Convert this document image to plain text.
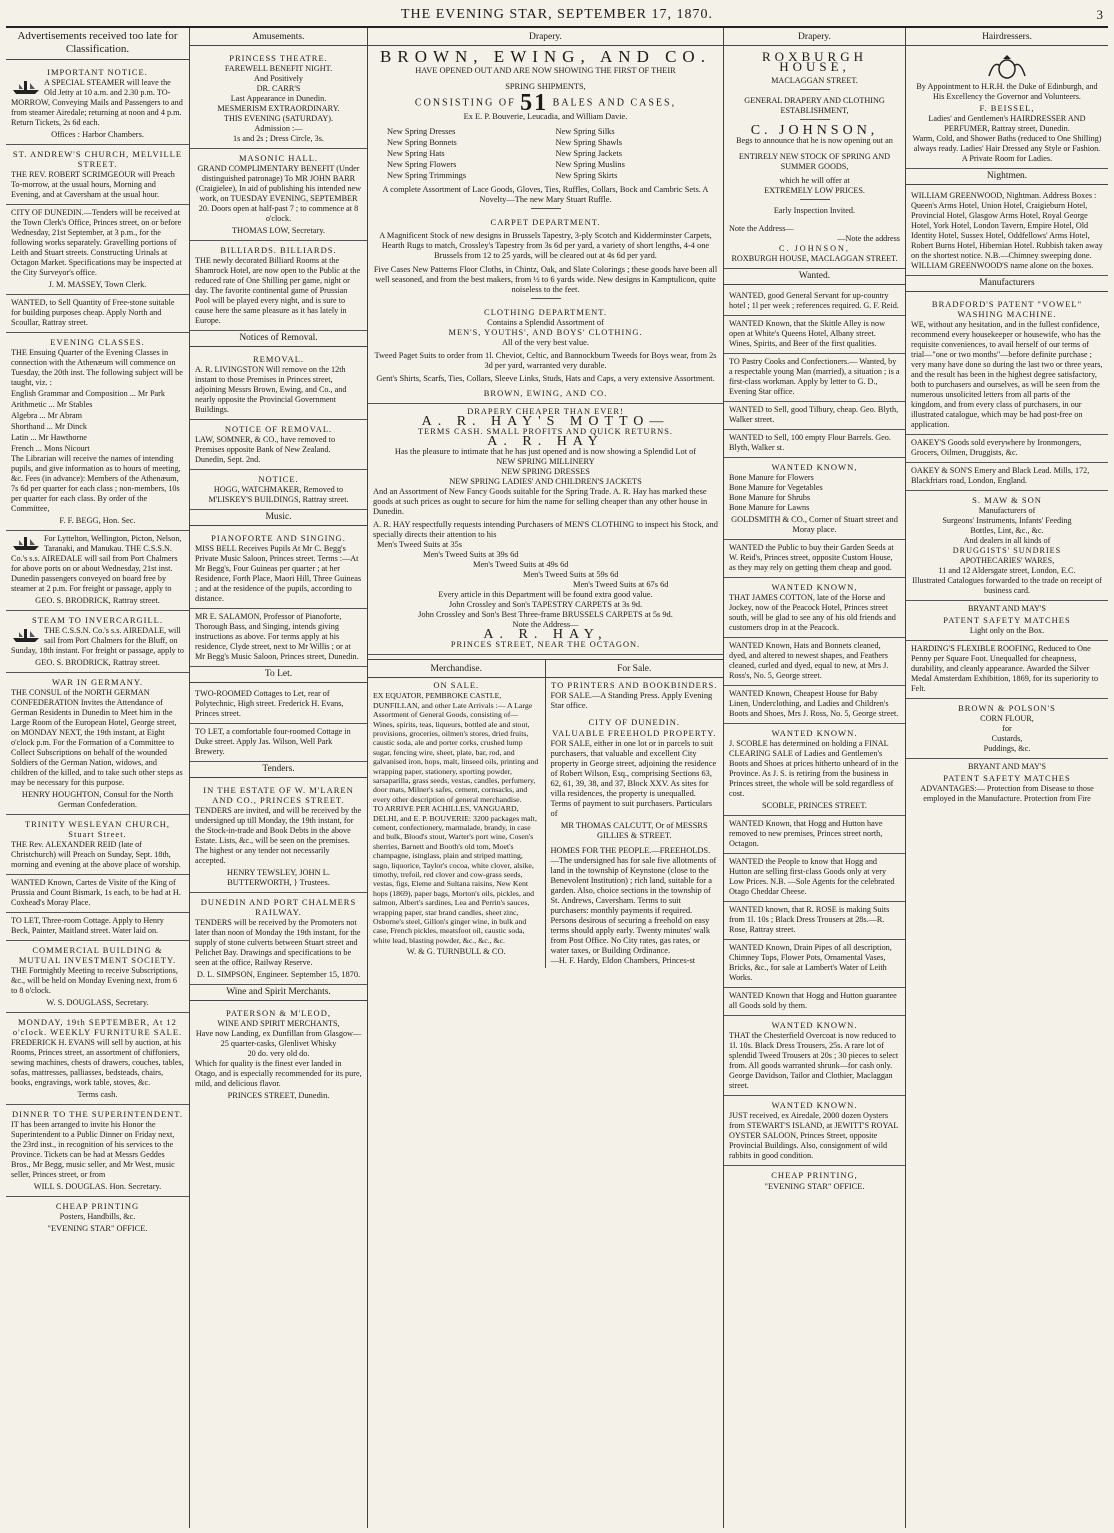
THE EVENING STAR, SEPTEMBER 17, 1870.	3
Advertisements received too late for Classification.
IMPORTANT NOTICE.
A SPECIAL STEAMER will leave the Old Jetty at 10 a.m. and 2.30 p.m. TO-MORROW, Conveying Mails and Passengers to and from steamer Airedale; returning at noon and 4 p.m. Return Tickets, 2s 6d each.
Offices : Harbor Chambers.
ST. ANDREW'S CHURCH, MELVILLE STREET.
THE REV. ROBERT SCRIMGEOUR will Preach To-morrow, at the usual hours, Morning and Evening, and at Caversham at the usual hour.
CITY OF DUNEDIN.—Tenders will be received at the Town Clerk's Office, Princes street, on or before Wednesday, 21st September, at 3 p.m., for the following works separately. Gravelling portions of Leith and Stuart streets. Constructing Urinals at Octagon Market. Specifications may be inspected at the City Surveyor's office.
J. M. MASSEY, Town Clerk.
WANTED, to Sell Quantity of Free-stone suitable for building purposes cheap. Apply North and Scoullar, Rattray street.
EVENING CLASSES.
THE Ensuing Quarter of the Evening Classes in connection with the Athenæum will commence on Tuesday, the 20th inst. The following subject will be taught, viz. :
English Grammar and Composition ... Mr Park
Arithmetic ... Mr Stables
Algebra ... Mr Abram
Shorthand ... Mr Dinck
Latin ... Mr Hawthorne
French ... Mons Nicourt
The Librarian will receive the names of intending pupils, and give information as to hours of meeting, &c. Fees (in advance): Members of the Athenæum, 7s 6d per quarter for each class ; non-members, 10s per quarter for each class. By order of the Committee,
F. F. BEGG, Hon. Sec.
For Lyttelton, Wellington, Picton, Nelson, Taranaki, and Manukau. THE C.S.S.N. Co.'s s.s. AIREDALE will sail from Port Chalmers for above ports on or about Wednesday, 21st inst. Dunedin passengers conveyed on board free by steamer at 2 p.m. For freight or passage, apply to
GEO. S. BRODRICK, Rattray street.
STEAM TO INVERCARGILL.
THE C.S.S.N. Co.'s s.s. AIREDALE, will sail from Port Chalmers for the Bluff, on Sunday, 18th instant. For freight or passage, apply to
GEO. S. BRODRICK, Rattray street.
WAR IN GERMANY.
THE CONSUL of the NORTH GERMAN CONFEDERATION Invites the Attendance of German Residents in Dunedin to Meet him in the Large Room of the European Hotel, George street, on MONDAY NEXT, the 19th instant, at Eight o'clock p.m. For the Formation of a Committee to Collect Subscriptions on behalf of the wounded Soldiers of the German Nation, widows, and children of the killed, and to take such other steps as may be necessary for this purpose.
HENRY HOUGHTON, Consul for the North German Confederation.
TRINITY WESLEYAN CHURCH, Stuart Street.
THE Rev. ALEXANDER REID (late of Christchurch) will Preach on Sunday, Sept. 18th, morning and evening at the above place of worship.
WANTED Known, Cartes de Visite of the King of Prussia and Count Bismark, 1s each, to be had at H. Coxhead's Moray Place.
TO LET, Three-room Cottage. Apply to Henry Beck, Painter, Maitland street. Water laid on.
COMMERCIAL BUILDING & MUTUAL INVESTMENT SOCIETY.
THE Fortnightly Meeting to receive Subscriptions, &c., will be held on Monday Evening next, from 6 to 8 o'clock.
W. S. DOUGLASS, Secretary.
MONDAY, 19th SEPTEMBER, At 12 o'clock. WEEKLY FURNITURE SALE.
FREDERICK H. EVANS will sell by auction, at his Rooms, Princes street, an assortment of chiffoniers, sewing machines, chests of drawers, couches, tables, sofas, mattresses, palliasses, bedsteads, chairs, books, engravings, work table, stoves, &c.
Terms cash.
DINNER TO THE SUPERINTENDENT.
IT has been arranged to invite his Honor the Superintendent to a Public Dinner on Friday next, the 23rd inst., in recognition of his services to the Province. Tickets can be had at Messrs Geddes Bros., Mr Begg, music seller, and Mr West, music seller, Princes street, or from
WILL S. DOUGLAS. Hon. Secretary.
CHEAP PRINTING
Posters, Handbills, &c.
"EVENING STAR" OFFICE.
Amusements.
PRINCESS THEATRE.
FAREWELL BENEFIT NIGHT.
And Positively
DR. CARR'S
Last Appearance in Dunedin.
MESMERISM EXTRAORDINARY.
THIS EVENING (SATURDAY).
Admission :—
1s and 2s ; Dress Circle, 3s.
MASONIC HALL.
GRAND COMPLIMENTARY BENEFIT (Under distinguished patronage) To MR JOHN BARR (Craigielee), In aid of publishing his intended new work, on TUESDAY EVENING, SEPTEMBER 20. Doors open at half-past 7 ; to commence at 8 o'clock.
THOMAS LOW, Secretary.
BILLIARDS. BILLIARDS.
THE newly decorated Billiard Rooms at the Shamrock Hotel, are now open to the Public at the reduced rate of One Shilling per game, night or day. The favorite continental game of Prussian Pool will be played every night, and is sure to cause here the same pleasure as it has lately in Europe.
Notices of Removal.
REMOVAL.
A. R. LIVINGSTON Will remove on the 12th instant to those Premises in Princes street, adjoining Messrs Brown, Ewing, and Co., and nearly opposite the Provincial Government Buildings.
NOTICE OF REMOVAL.
LAW, SOMNER, & CO., have removed to Premises opposite Bank of New Zealand. Dunedin, Sept. 2nd.
NOTICE.
HOGG, WATCHMAKER, Removed to M'LISKEY'S BUILDINGS, Rattray street.
Music.
PIANOFORTE AND SINGING.
MISS BELL Receives Pupils At Mr C. Begg's Private Music Saloon, Princes street. Terms :—At Mr Begg's, Four Guineas per quarter ; at her Residence, Forth Place, Maori Hill, Three Guineas ; and at the residence of the pupils, according to distance.
MR E. SALAMON, Professor of Pianoforte, Thorough Bass, and Singing, intends giving instructions as above. For terms apply at his residence, Clyde street, next to Mr Willis ; or at Mr Begg's Music Saloon, Princes street, Dunedin.
To Let.
TWO-ROOMED Cottages to Let, rear of Polytechnic, High street. Frederick H. Evans, Princes street.
TO LET, a comfortable four-roomed Cottage in Duke street. Apply Jas. Wilson, Well Park Brewery.
Tenders.
IN THE ESTATE OF W. M'LAREN AND CO., PRINCES STREET.
TENDERS are invited, and will be received by the undersigned up till Monday, the 19th instant, for the Stock-in-trade and Book Debts in the above Estate. Lists, &c., will be seen on the premises. The highest or any tender not necessarily accepted.
HENRY TEWSLEY, JOHN L. BUTTERWORTH, } Trustees.
DUNEDIN AND PORT CHALMERS RAILWAY.
TENDERS will be received by the Promoters not later than noon of Monday the 19th instant, for the supply of stone culverts between Stuart street and Pelichet Bay. Drawings and specifications to be seen at the office, Railway Reserve.
D. L. SIMPSON, Engineer. September 15, 1870.
Wine and Spirit Merchants.
PATERSON & M'LEOD,
WINE AND SPIRIT MERCHANTS,
Have now Landing, ex Dunfillan from Glasgow—
25 quarter-casks, Glenlivet Whisky
20 do. very old do.
Which for quality is the finest ever landed in Otago, and is especially recommended for its pure, mild, and delicious flavor.
PRINCES STREET, Dunedin.
Drapery.
BROWN, EWING, AND CO.
HAVE OPENED OUT AND ARE NOW SHOWING THE FIRST OF THEIR
SPRING SHIPMENTS,
CONSISTING OF 51 BALES AND CASES,
Ex E. P. Bouverie, Leucadia, and William Davie.
New Spring Dresses
New Spring Bonnets
New Spring Hats
New Spring Flowers
New Spring Trimmings
New Spring Silks
New Spring Shawls
New Spring Jackets
New Spring Muslins
New Spring Skirts
A complete Assortment of Lace Goods, Gloves, Ties, Ruffles, Collars, Bock and Cambric Sets. A Novelty—The new Mary Stuart Ruffle.
CARPET DEPARTMENT.
A Magnificent Stock of new designs in Brussels Tapestry, 3-ply Scotch and Kidderminster Carpets, Hearth Rugs to match, Crossley's Tapestry from 3s 6d per yard, a variety of short lengths, 4-4 one Brussels from 12 to 25 yards, will be cleared out at 4s 6d per yard.
Five Cases New Patterns Floor Cloths, in Chintz, Oak, and Slate Colorings ; these goods have been all well seasoned, and from the best makers, from ½ to 6 yards wide. New designs in Kamptulicon, quite noiseless to the feet.
CLOTHING DEPARTMENT.
Contains a Splendid Assortment of
MEN'S, YOUTHS', AND BOYS' CLOTHING.
All of the very best value.
Tweed Paget Suits to order from 1l. Cheviot, Celtic, and Bannockburn Tweeds for Boys wear, from 2s 3d per yard, warranted very durable.
Gent's Shirts, Scarfs, Ties, Collars, Sleeve Links, Studs, Hats and Caps, a very extensive Assortment.
BROWN, EWING, AND CO.
DRAPERY CHEAPER THAN EVER!
A. R. HAY'S MOTTO—
TERMS CASH. SMALL PROFITS AND QUICK RETURNS.
A. R. HAY
Has the pleasure to intimate that he has just opened and is now showing a Splendid Lot of
NEW SPRING MILLINERY
NEW SPRING DRESSES
NEW SPRING LADIES' AND CHILDREN'S JACKETS
And an Assortment of New Fancy Goods suitable for the Spring Trade. A. R. Hay has marked these goods at such prices as ought to secure for him the name for selling cheaper than any other house in Dunedin.
A. R. HAY respectfully requests intending Purchasers of MEN'S CLOTHING to inspect his Stock, and specially directs their attention to his
Men's Tweed Suits at 35s
Men's Tweed Suits at 39s 6d
Men's Tweed Suits at 49s 6d
Men's Tweed Suits at 59s 6d
Men's Tweed Suits at 67s 6d
Every article in this Department will be found extra good value.
John Crossley and Son's TAPESTRY CARPETS at 3s 9d.
John Crossley and Son's Best Three-frame BRUSSELS CARPETS at 5s 9d.
Note the Address—
A. R. HAY,
PRINCES STREET, NEAR THE OCTAGON.
Merchandise.
ON SALE.
EX EQUATOR, PEMBROKE CASTLE, DUNFILLAN, and other Late Arrivals :— A Large Assortment of General Goods, consisting of— Wines, spirits, teas, liqueurs, bottled ale and stout, provisions, groceries, oilmen's stores, dried fruits, caustic soda, ale and porter corks, crushed lump sugar, fencing wire, sheet, plate, bar, rod, and galvanised iron, hops, malt, linseed oils, printing and wrapping paper, stationery, sporting powder, sarsaparilla, grass seeds, vestas, candles, perfumery, door mats, Milner's safes, cement, cornsacks, and every other description of general merchandise.
TO ARRIVE PER ACHILLES, VANGUARD, DELHI, and E. P. BOUVERIE: 3200 packages malt, cement, confectionery, marmalade, brandy, in case and bulk, Blood's stout, Warter's port wine, Cosen's sherries, Barnett and Booth's old tom, Moet's champagne, isinglass, plain and striped matting, sago, liquorice, Taylor's cocoa, white clover, alsike, timothy, trefoil, red clover and cow-grass seeds, vestas, figs, Eleme and Sultana raisins, New Kent hops (1869), paper bags, Morton's oils, pickles, and salmon, Albert's sardines, Lea and Perrin's sauces, wrapping paper, star brand candles, sheet zinc, Osborne's steel, Gillon's ginger wine, in bulk and case, French pickles, meatsfoot oil, caustic soda, white lead, blasting powder, &c., &c., &c.
W. & G. TURNBULL & CO.
For Sale.
TO PRINTERS AND BOOKBINDERS.
FOR SALE.—A Standing Press. Apply Evening Star office.
CITY OF DUNEDIN.
VALUABLE FREEHOLD PROPERTY.
FOR SALE, either in one lot or in parcels to suit purchasers, that valuable and excellent City property in George street, adjoining the residence of Robert Wilson, Esq., comprising Sections 63, 62, 61, 39, 38, and 37, Block XXV. As sites for villa residences, the property is unequalled. Terms of payment to suit purchasers. Particulars of
MR THOMAS CALCUTT, Or of MESSRS GILLIES & STREET.
HOMES FOR THE PEOPLE.—FREEHOLDS.—The undersigned has for sale five allotments of land in the township of Keynstone (close to the Benevolent Institution) ; rich land, suitable for a garden. Also, choice sections in the township of St. Andrews, Caversham. Terms to suit purchasers: monthly payments if required. Persons desirous of securing a freehold on easy terms should apply early. Twenty minutes' walk from Post Office. No City rates, gas rates, or water taxes, or Building Ordinance.
—H. F. Hardy, Eldon Chambers, Princes-st
Drapery.
ROXBURGH HOUSE,
MACLAGGAN STREET.
GENERAL DRAPERY AND CLOTHING ESTABLISHMENT,
C. JOHNSON,
Begs to announce that he is now opening out an
ENTIRELY NEW STOCK OF SPRING AND SUMMER GOODS,
which he will offer at
EXTREMELY LOW PRICES.
Early Inspection Invited.
Note the Address—
—Note the address
C. JOHNSON,
ROXBURGH HOUSE, MACLAGGAN STREET.
Wanted.
WANTED, good General Servant for up-country hotel ; 1l per week ; references required. G. F. Reid.
WANTED Known, that the Skittle Alley is now open at White's Queens Hotel, Albany street. Wines, Spirits, and Beer of the first qualities.
TO Pastry Cooks and Confectioners.— Wanted, by a respectable young Man (married), a situation ; is a first-class workman. Apply by letter to G. D., Evening Star office.
WANTED to Sell, good Tilbury, cheap. Geo. Blyth, Walker street.
WANTED to Sell, 100 empty Flour Barrels. Geo. Blyth, Walker st.
WANTED KNOWN,
Bone Manure for Flowers
Bone Manure for Vegetables
Bone Manure for Shrubs
Bone Manure for Lawns
GOLDSMITH & CO., Corner of Stuart street and Moray place.
WANTED the Public to buy their Garden Seeds at W. Reid's, Princes street, opposite Custom House, as they may rely on getting them cheap and good.
WANTED KNOWN,
THAT JAMES COTTON, late of the Horse and Jockey, now of the Peacock Hotel, Princes street south, will be glad to see any of his old friends and customers drop in at the Peacock.
WANTED Known, Hats and Bonnets cleaned, dyed, and altered to newest shapes, and Feathers cleaned, curled and dyed, equal to new, at Mrs J. Ross's, No. 5, George street.
WANTED Known, Cheapest House for Baby Linen, Underclothing, and Ladies and Children's Boots and Shoes, Mrs J. Ross, No. 5, George street.
WANTED KNOWN.
J. SCOBLE has determined on holding a FINAL CLEARING SALE of Ladies and Gentlemen's Boots and Shoes at prices hitherto unheard of in the Province. As J. S. is retiring from the business in Princes street, the whole will be sold regardless of cost.
SCOBLE, PRINCES STREET.
WANTED Known, that Hogg and Hutton have removed to new premises, Princes street north, Octagon.
WANTED the People to know that Hogg and Hutton are selling first-class Goods only at very Low Prices. N.B. —Sole Agents for the celebrated Otago Cheddar Cheese.
WANTED known, that R. ROSE is making Suits from 1l. 10s ; Black Dress Trousers at 28s.—R. Rose, Rattray street.
WANTED Known, Drain Pipes of all description, Chimney Tops, Flower Pots, Ornamental Vases, Bricks, &c., for sale at Lambert's Water of Leith Works.
WANTED Known that Hogg and Hutton guarantee all Goods sold by them.
WANTED KNOWN.
THAT the Chesterfield Overcoat is now reduced to 1l. 10s. Black Dress Trousers, 25s. A rare lot of splendid Tweed Trousers at 20s ; 30 pieces to select from. All goods warranted shrunk—for cash only. George Davidson, Tailor and Clothier, Maclaggan street.
WANTED KNOWN.
JUST received, ex Airedale, 2000 dozen Oysters from STEWART'S ISLAND, at JEWITT'S ROYAL OYSTER SALOON, Princes Street, opposite Provincial Buildings. Also, consignment of wild rabbits in good condition.
CHEAP PRINTING,
"EVENING STAR" OFFICE.
Hairdressers.
By Appointment to H.R.H. the Duke of Edinburgh, and His Excellency the Governor and Volunteers.
F. BEISSEL,
Ladies' and Gentlemen's HAIRDRESSER AND PERFUMER, Rattray street, Dunedin.
Warm, Cold, and Shower Baths (reduced to One Shilling) always ready. Ladies' Hair Dressed any Style or Fashion. A Private Room for Ladies.
Nightmen.
WILLIAM GREENWOOD, Nightman. Address Boxes : Queen's Arms Hotel, Union Hotel, Craigieburn Hotel, Provincial Hotel, Glasgow Arms Hotel, Royal George Hotel, York Hotel, London Tavern, Empire Hotel, Old Identity Hotel, Sussex Hotel, Oddfellows' Arms Hotel, Robert Burns Hotel, Hibernian Hotel. Rubbish taken away on the shortest notice. N.B.—Chimney sweeping done. WILLIAM GREENWOOD'S name alone on the boxes.
Manufacturers
BRADFORD'S PATENT "VOWEL" WASHING MACHINE.
WE, without any hesitation, and in the fullest confidence, recommend every housekeeper or housewife, who has the requisite conveniences, to avail herself of our terms of trial—"one or two months"—before definite purchase ; very many have done so during the last two or three years, and the result has been in the highest degree satisfactory, both to purchasers and ourselves, as will be seen from the numerous unsolicited letters from all parts of the kingdom, and from every class of purchasers, in our illustrated catalogue, which may be had post-free on application.
OAKEY'S Goods sold everywhere by Ironmongers, Grocers, Oilmen, Druggists, &c.
OAKEY & SON'S Emery and Black Lead. Mills, 172, Blackfriars road, London, England.
S. MAW & SON
Manufacturers of
Surgeons' Instruments, Infants' Feeding
Bottles, Lint, &c., &c.
And dealers in all kinds of
DRUGGISTS' SUNDRIES
APOTHECARIES' WARES,
11 and 12 Aldersgate street, London, E.C.
Illustrated Catalogues forwarded to the trade on receipt of business card.
BRYANT AND MAY'S
PATENT SAFETY MATCHES
Light only on the Box.
HARDING'S FLEXIBLE ROOFING, Reduced to One Penny per Square Foot. Unequalled for cheapness, durability, and cleanly appearance. Awarded the Silver Medal Amsterdam Exhibition, 1869, for its superiority to Felt.
BROWN & POLSON'S
CORN FLOUR,
for
Custards,
Puddings, &c.
BRYANT AND MAY'S
PATENT SAFETY MATCHES
ADVANTAGES:— Protection from Disease to those employed in the Manufacture. Protection from Fire
